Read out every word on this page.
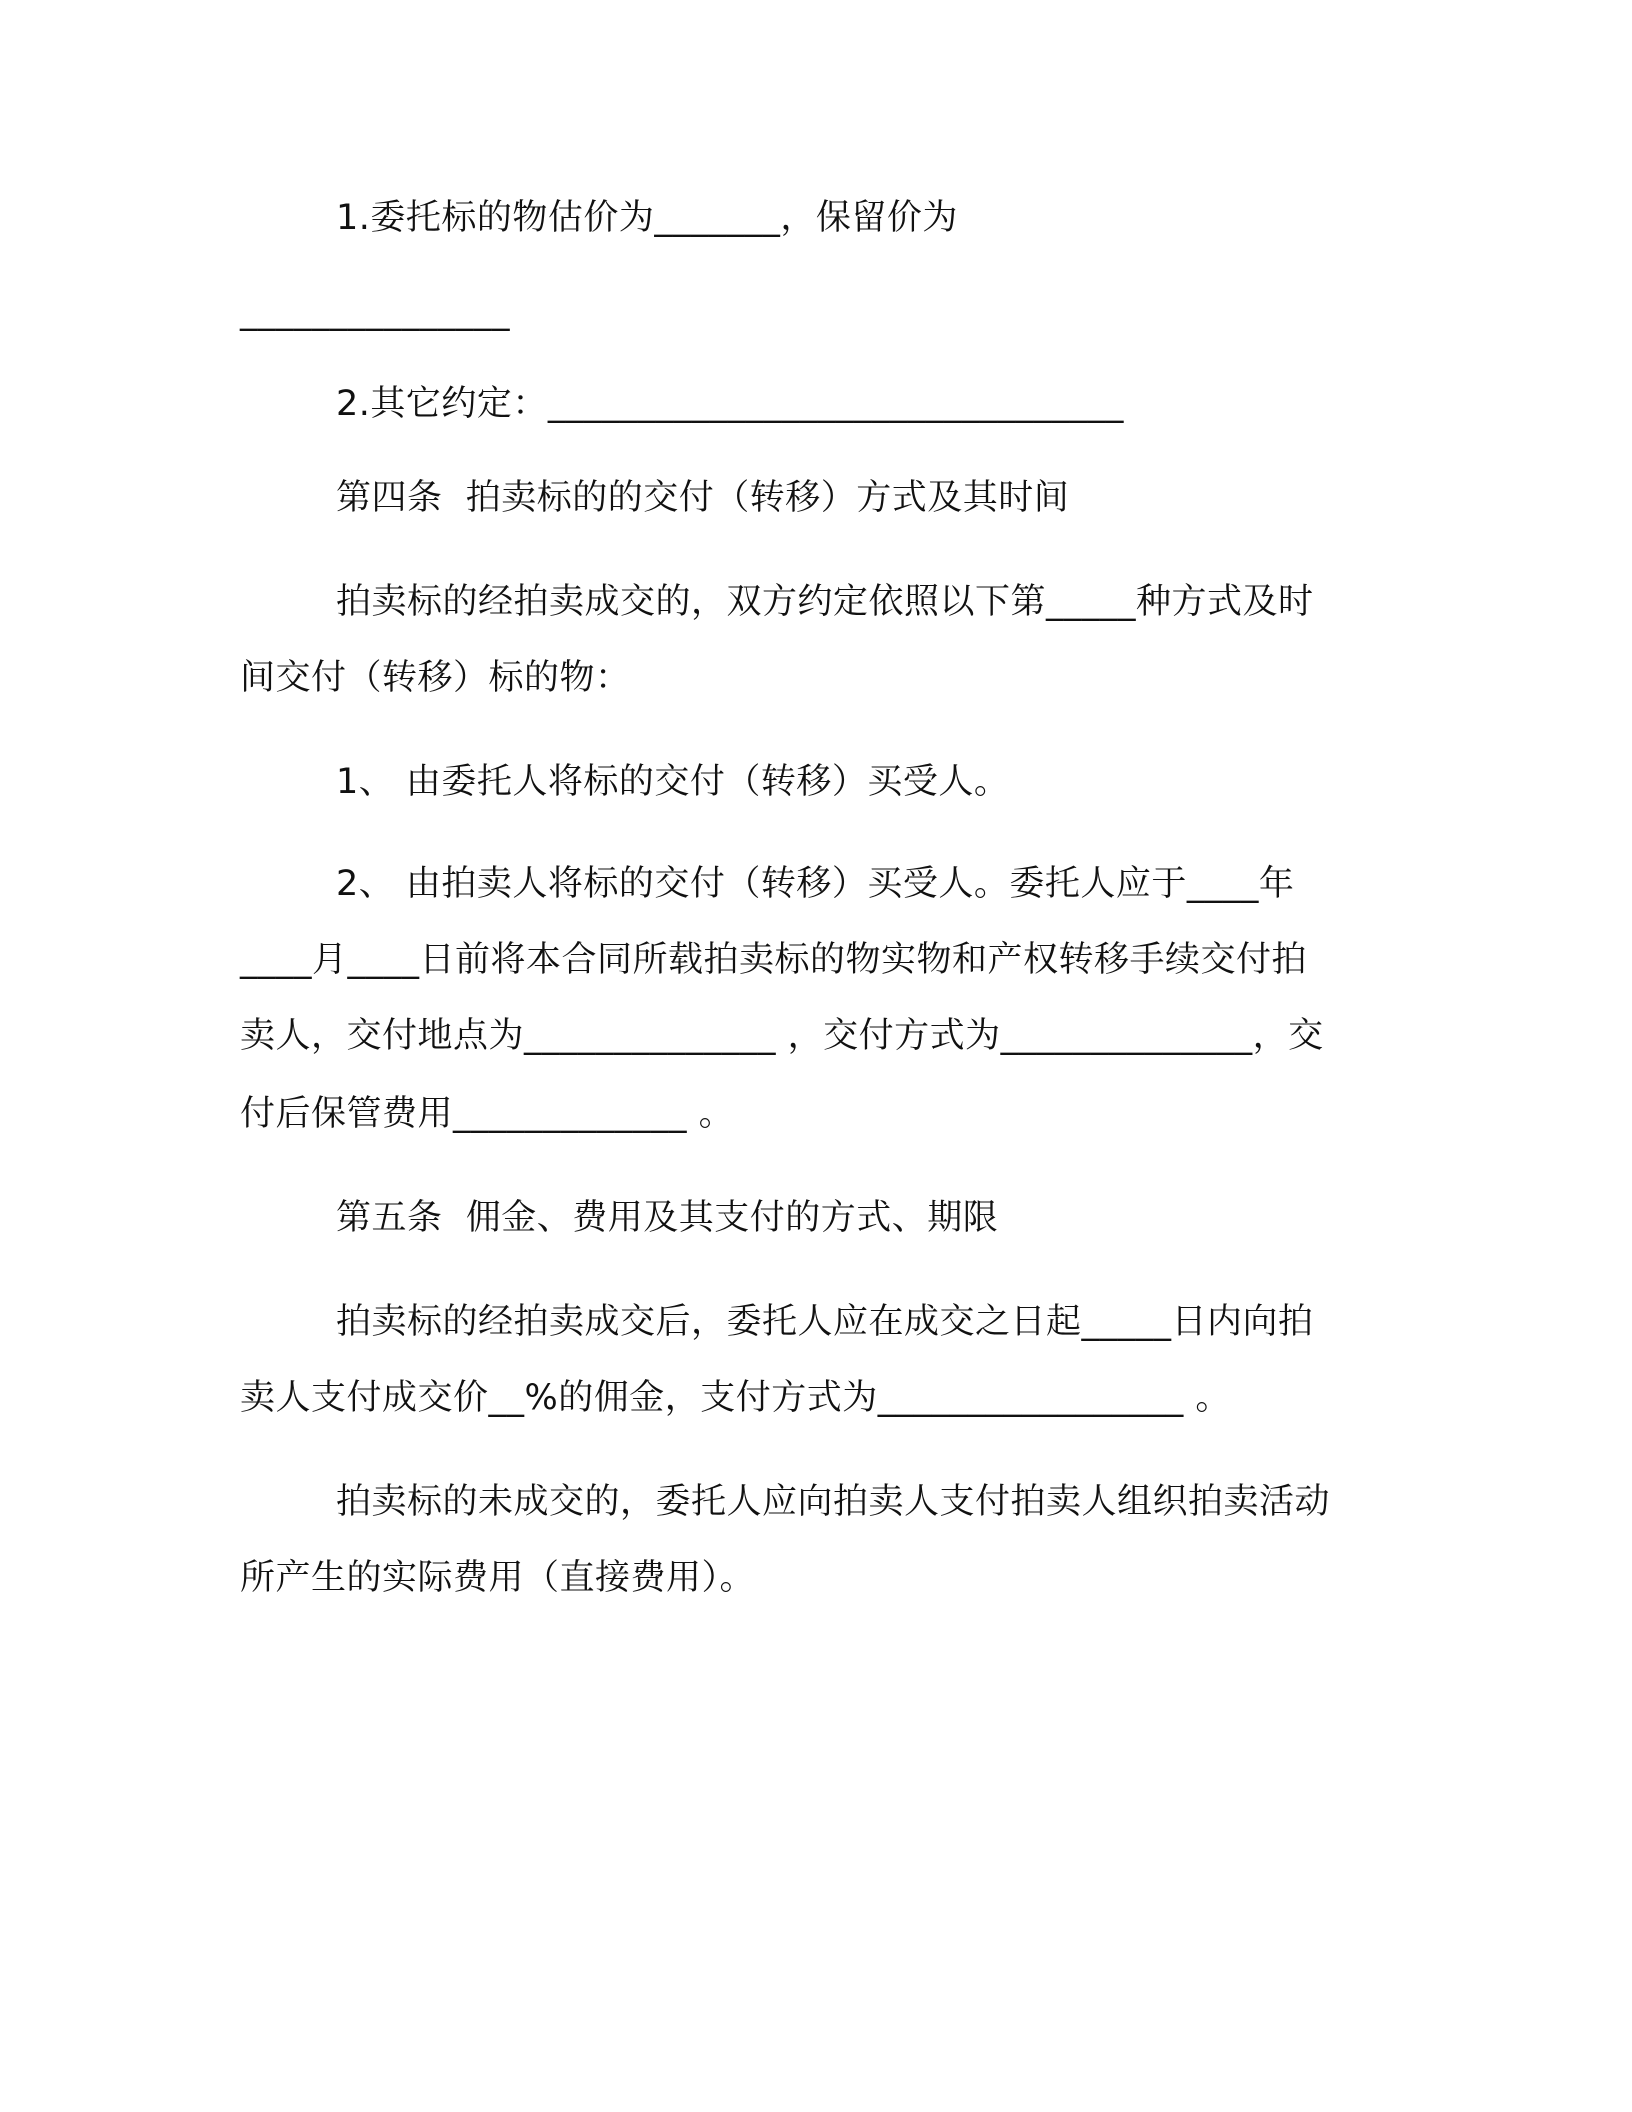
1.委托标的物估价为_______，保留价为
_______________
2.其它约定：________________________________
第四条  拍卖标的的交付（转移）方式及其时间
拍卖标的经拍卖成交的，双方约定依照以下第_____种方式及时
间交付（转移）标的物：
1、 由委托人将标的交付（转移）买受人。
2、 由拍卖人将标的交付（转移）买受人。委托人应于____年
____月____日前将本合同所载拍卖标的物实物和产权转移手续交付拍
卖人，交付地点为______________ ，交付方式为______________，交
付后保管费用_____________ 。
第五条  佣金、费用及其支付的方式、期限
拍卖标的经拍卖成交后，委托人应在成交之日起_____日内向拍
卖人支付成交价__%的佣金，支付方式为_________________ 。
拍卖标的未成交的，委托人应向拍卖人支付拍卖人组织拍卖活动
所产生的实际费用（直接费用）。
